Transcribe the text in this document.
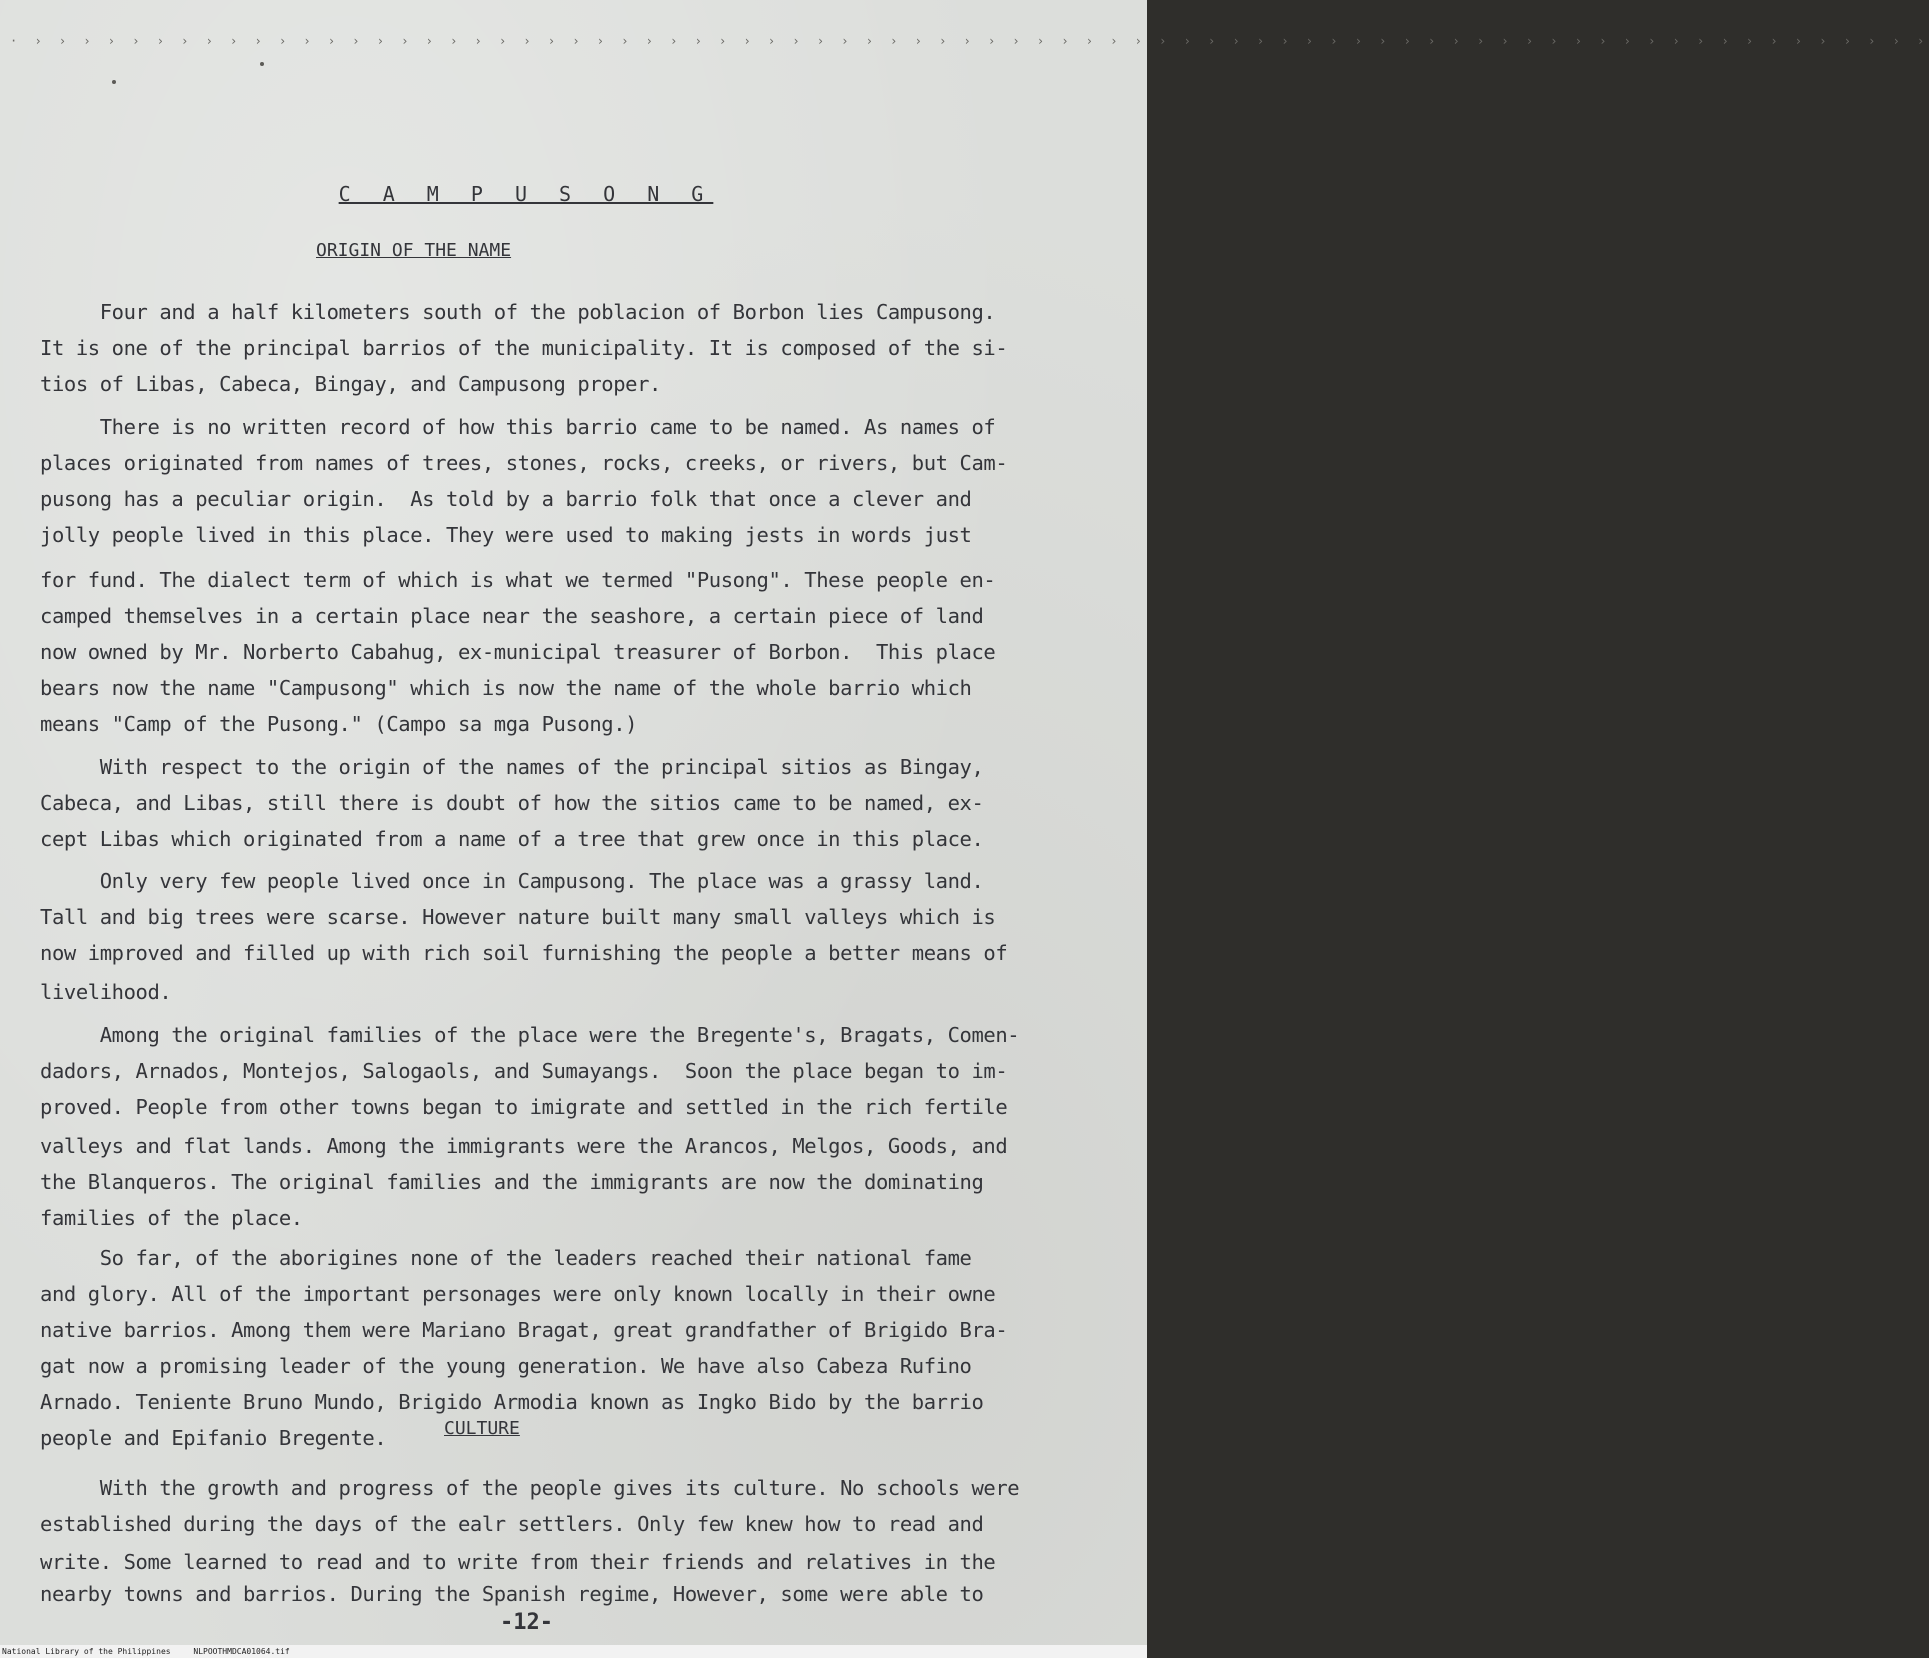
· › › › › › › › › › › › › › › › › › › › › › › › › › › › › › › › › › › › › › › › › › › › › › › › › › › › › › › › › › › › › › › › › › › › › › › › › › › › › › ›
C A M P U S O N G
ORIGIN OF THE NAME
Four and a half kilometers south of the poblacion of Borbon lies Campusong.
It is one of the principal barrios of the municipality. It is composed of the si-
tios of Libas, Cabeca, Bingay, and Campusong proper.
There is no written record of how this barrio came to be named. As names of
places originated from names of trees, stones, rocks, creeks, or rivers, but Cam-
pusong has a peculiar origin.  As told by a barrio folk that once a clever and
jolly people lived in this place. They were used to making jests in words just
for fund. The dialect term of which is what we termed "Pusong". These people en-
camped themselves in a certain place near the seashore, a certain piece of land
now owned by Mr. Norberto Cabahug, ex-municipal treasurer of Borbon.  This place
bears now the name "Campusong" which is now the name of the whole barrio which
means "Camp of the Pusong." (Campo sa mga Pusong.)
With respect to the origin of the names of the principal sitios as Bingay,
Cabeca, and Libas, still there is doubt of how the sitios came to be named, ex-
cept Libas which originated from a name of a tree that grew once in this place.
Only very few people lived once in Campusong. The place was a grassy land.
Tall and big trees were scarse. However nature built many small valleys which is
now improved and filled up with rich soil furnishing the people a better means of
livelihood.
Among the original families of the place were the Bregente's, Bragats, Comen-
dadors, Arnados, Montejos, Salogaols, and Sumayangs.  Soon the place began to im-
proved. People from other towns began to imigrate and settled in the rich fertile
valleys and flat lands. Among the immigrants were the Arancos, Melgos, Goods, and
the Blanqueros. The original families and the immigrants are now the dominating
families of the place.
So far, of the aborigines none of the leaders reached their national fame
and glory. All of the important personages were only known locally in their owne
native barrios. Among them were Mariano Bragat, great grandfather of Brigido Bra-
gat now a promising leader of the young generation. We have also Cabeza Rufino
Arnado. Teniente Bruno Mundo, Brigido Armodia known as Ingko Bido by the barrio
people and Epifanio Bregente.	CULTURE
With the growth and progress of the people gives its culture. No schools were
established during the days of the ealr settlers. Only few knew how to read and
write. Some learned to read and to write from their friends and relatives in the
nearby towns and barrios. During the Spanish regime, However, some were able to
-12-
National Library of the Philippines	NLPOOTHMDCA01064.tif
